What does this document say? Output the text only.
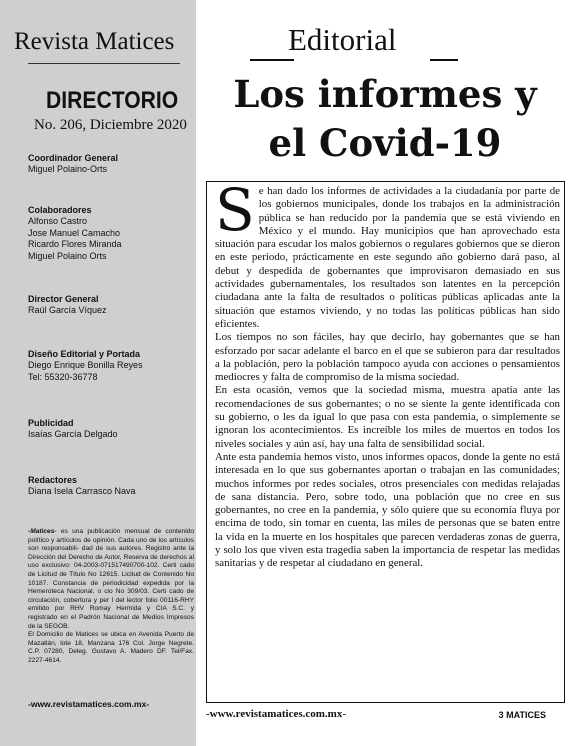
Revista Matices
DIRECTORIO
No. 206, Diciembre 2020
Coordinador General
Miguel Polaino-Orts
Colaboradores
Alfonso Castro
Jose Manuel Camacho
Ricardo Flores Miranda
Miguel Polaino Orts
Director General
Raúl García Víquez
Diseño Editorial y Portada
Diego Enrique Bonilla Reyes
Tel: 55320-36778
Publicidad
Isaías García Delgado
Redactores
Diana Isela Carrasco Nava
-Matices- es una publicación mensual de contenido político y artículos de opinión. Cada uno de los artículos son responsabili- dad de sus autores. Registro ante la Dirección del Derecho de Autor, Reserva de derechos al uso exclusivo: 04-2003-071517490700-102. Certi cado de Licitud de Título No 12615. Licitud de Contenido No 10187. Constancia de periodicidad expedida por la Hemeroteca Nacional, o cio No 309/03. Certi cado de circulación, cobertura y per l del lector folio 00116-RHY emitido por RHV Romay Hermida y CIA S.C. y registrado en el Padrón Nacional de Medios Impresos de la SEGOB.
El Domicilio de Matices se ubica en Avenida Puerto de Mazatlán, lote 18, Manzana 176 Col. Jorge Negrete. C.P. 07280, Deleg. Gustavo A. Madero DF. Tel/Fax. 2227-4614.
-www.revistamatices.com.mx-
Editorial
Los informes y
el Covid-19
S e han dado los informes de actividades a la ciudadanía por parte de los gobiernos municipales, donde los trabajos en la administración pública se han reducido por la pandemia que se está viviendo en México y el mundo. Hay municipios que han aprovechado esta situación para escudar los malos gobiernos o regulares gobiernos que se dieron en este periodo, prácticamente en este segundo año gobierno dará paso, al debut y despedida de gobernantes que improvisaron demasiado en sus actividades gubernamentales, los resultados son latentes en la percepción ciudadana ante la falta de resultados o políticas públicas aplicadas ante la situación que estamos viviendo, y no todas las políticas públicas han sido eficientes.

Los tiempos no son fáciles, hay que decirlo, hay gobernantes que se han esforzado por sacar adelante el barco en el que se subieron para dar resultados a la población, pero la población tampoco ayuda con acciones o pensamientos mediocres y falta de compromiso de la misma sociedad.

En esta ocasión, vemos que la sociedad misma, muestra apatía ante las recomendaciones de sus gobernantes; o no se siente la gente identificada con su gobierno, o les da igual lo que pasa con esta pandemia, o simplemente se ignoran los acontecimientos. Es increíble los miles de muertos en todos los niveles sociales y aún así, hay una falta de sensibilidad social.

Ante esta pandemia hemos visto, unos informes opacos, donde la gente no está interesada en lo que sus gobernantes aportan o trabajan en las comunidades; muchos informes por redes sociales, otros presenciales con medidas relajadas de sana distancia. Pero, sobre todo, una población que no cree en sus gobernantes, no cree en la pandemia, y sólo quiere que su economía fluya por encima de todo, sin tomar en cuenta, las miles de personas que se baten entre la vida en la muerte en los hospitales que parecen verdaderas zonas de guerra, y solo los que viven esta tragedia saben la importancia de respetar las medidas sanitarias y de respetar al ciudadano en general.

-www.revistamatices.com.mx-	3 MATICES
